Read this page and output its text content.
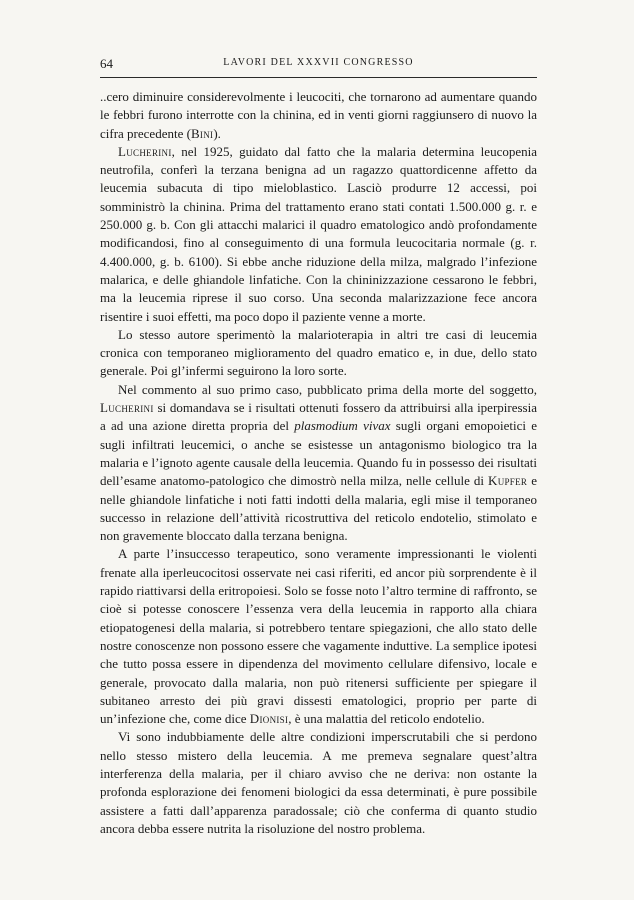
64	LAVORI DEL XXXVII CONGRESSO

..cero diminuire considerevolmente i leucociti, che tornarono ad aumentare quando le febbri furono interrotte con la chinina, ed in venti giorni raggiunsero di nuovo la cifra precedente (Bini).

Lucherini, nel 1925, guidato dal fatto che la malaria determina leucopenia neutrofila, conferì la terzana benigna ad un ragazzo quattordicenne affetto da leucemia subacuta di tipo mieloblastico. Lasciò produrre 12 accessi, poi somministrò la chinina. Prima del trattamento erano stati contati 1.500.000 g. r. e 250.000 g. b. Con gli attacchi malarici il quadro ematologico andò profondamente modificandosi, fino al conseguimento di una formula leucocitaria normale (g. r. 4.400.000, g. b. 6100). Si ebbe anche riduzione della milza, malgrado l’infezione malarica, e delle ghiandole linfatiche. Con la chininizzazione cessarono le febbri, ma la leucemia riprese il suo corso. Una seconda malarizzazione fece ancora risentire i suoi effetti, ma poco dopo il paziente venne a morte.

Lo stesso autore sperimentò la malarioterapia in altri tre casi di leucemia cronica con temporaneo miglioramento del quadro ematico e, in due, dello stato generale. Poi gl’infermi seguirono la loro sorte.

Nel commento al suo primo caso, pubblicato prima della morte del soggetto, Lucherini si domandava se i risultati ottenuti fossero da attribuirsi alla iperpiressia a ad una azione diretta propria del plasmodium vivax sugli organi emopoietici e sugli infiltrati leucemici, o anche se esistesse un antagonismo biologico tra la malaria e l’ignoto agente causale della leucemia. Quando fu in possesso dei risultati dell’esame anatomo-patologico che dimostrò nella milza, nelle cellule di Kupfer e nelle ghiandole linfatiche i noti fatti indotti della malaria, egli mise il temporaneo successo in relazione dell’attività ricostruttiva del reticolo endotelio, stimolato e non gravemente bloccato dalla terzana benigna.

A parte l’insuccesso terapeutico, sono veramente impressionanti le violenti frenate alla iperleucocitosi osservate nei casi riferiti, ed ancor più sorprendente è il rapido riattivarsi della eritropoiesi. Solo se fosse noto l’altro termine di raffronto, se cioè si potesse conoscere l’essenza vera della leucemia in rapporto alla chiara etiopatogenesi della malaria, si potrebbero tentare spiegazioni, che allo stato delle nostre conoscenze non possono essere che vagamente induttive. La semplice ipotesi che tutto possa essere in dipendenza del movimento cellulare difensivo, locale e generale, provocato dalla malaria, non può ritenersi sufficiente per spiegare il subitaneo arresto dei più gravi dissesti ematologici, proprio per parte di un’infezione che, come dice Dionisi, è una malattia del reticolo endotelio.

Vi sono indubbiamente delle altre condizioni imperscrutabili che si perdono nello stesso mistero della leucemia. A me premeva segnalare quest’altra interferenza della malaria, per il chiaro avviso che ne deriva: non ostante la profonda esplorazione dei fenomeni biologici da essa determinati, è pure possibile assistere a fatti dall’apparenza paradossale; ciò che conferma di quanto studio ancora debba essere nutrita la risoluzione del nostro problema.
